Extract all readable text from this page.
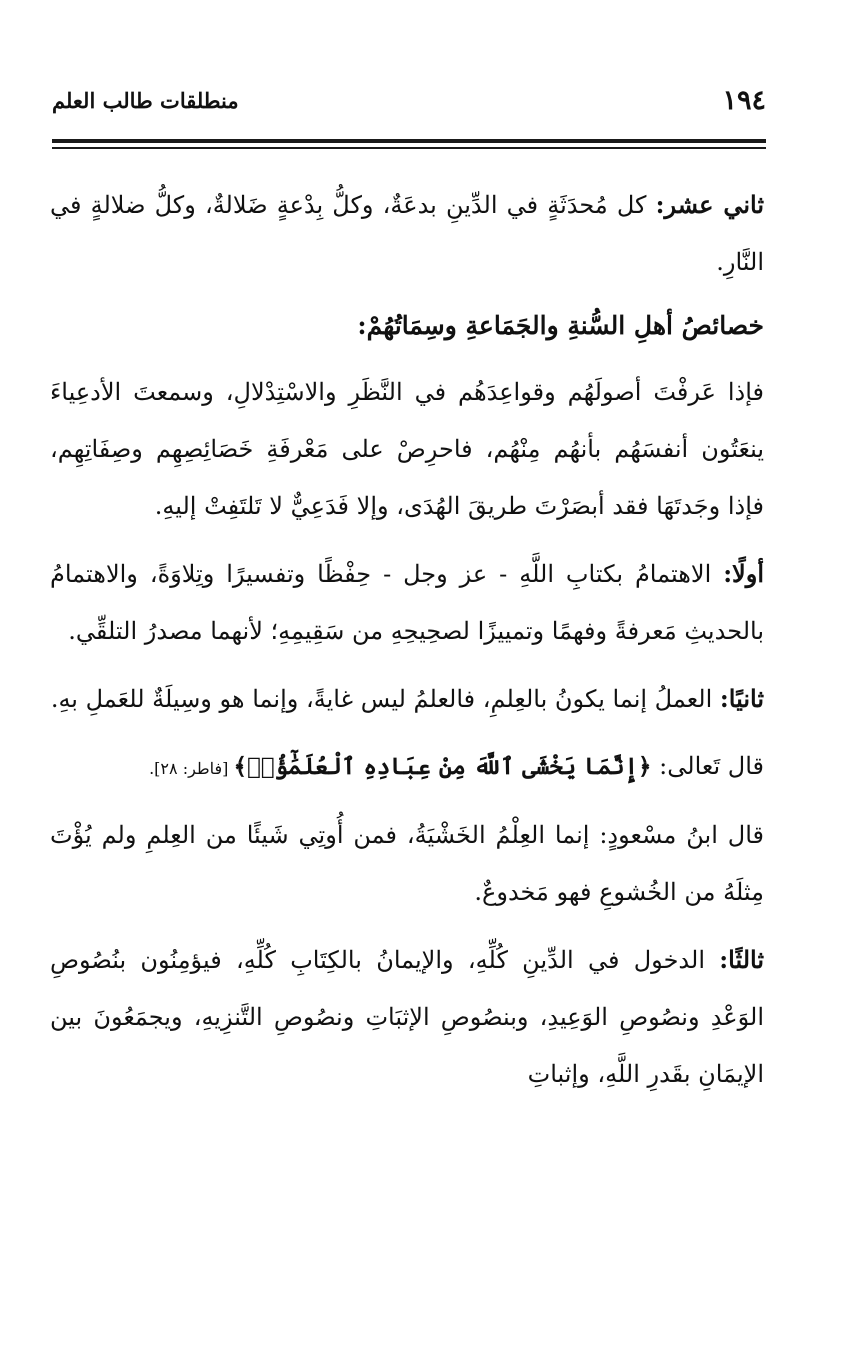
١٩٤
منطلقات طالب العلم

ثاني عشر: كل مُحدَثَةٍ في الدِّينِ بدعَةٌ، وكلُّ بِدْعةٍ ضَلالةٌ، وكلُّ ضلالةٍ في النَّارِ.

خصائصُ أهلِ السُّنةِ والجَمَاعةِ وسِمَاتُهُمْ:

فإذا عَرفْتَ أصولَهُم وقواعِدَهُم في النَّظَرِ والاسْتِدْلالِ، وسمعتَ الأدعِياءَ ينعَتُون أنفسَهُم بأنهُم مِنْهُم، فاحرِصْ على مَعْرفَةِ خَصَائِصِهِم وصِفَاتِهِم، فإذا وجَدتَهَا فقد أبصَرْتَ طريقَ الهُدَى، وإلا فَدَعِيٌّ لا تَلتَفِتْ إليهِ.

أولًا: الاهتمامُ بكتابِ اللَّهِ - عز وجل - حِفْظًا وتفسيرًا وتِلاوَةً، والاهتمامُ بالحديثِ مَعرفةً وفهمًا وتمييزًا لصحِيحِهِ من سَقِيمِهِ؛ لأنهما مصدرُ التلقِّي.

ثانيًا: العملُ إنما يكونُ بالعِلمِ، فالعلمُ ليس غايةً، وإنما هو وسِيلَةٌ للعَملِ بهِ.

قال تَعالى: ﴿إِنَّمَا يَخْشَى ٱللَّهَ مِنْ عِبَادِهِ ٱلْعُلَمَٰٓؤُا۟﴾ [فاطر: ٢٨].

قال ابنُ مسْعودٍ: إنما العِلْمُ الخَشْيَةُ، فمن أُوتِي شَيئًا من العِلمِ ولم يُؤْتَ مِثلَهُ من الخُشوعِ فهو مَخدوعٌ.

ثالثًا: الدخول في الدِّينِ كُلِّهِ، والإيمانُ بالكِتَابِ كُلِّهِ، فيؤمِنُون بنُصُوصِ الوَعْدِ ونصُوصِ الوَعِيدِ، وبنصُوصِ الإثبَاتِ ونصُوصِ التَّنزِيهِ، ويجمَعُونَ بين الإيمَانِ بقَدرِ اللَّهِ، وإثباتِ
